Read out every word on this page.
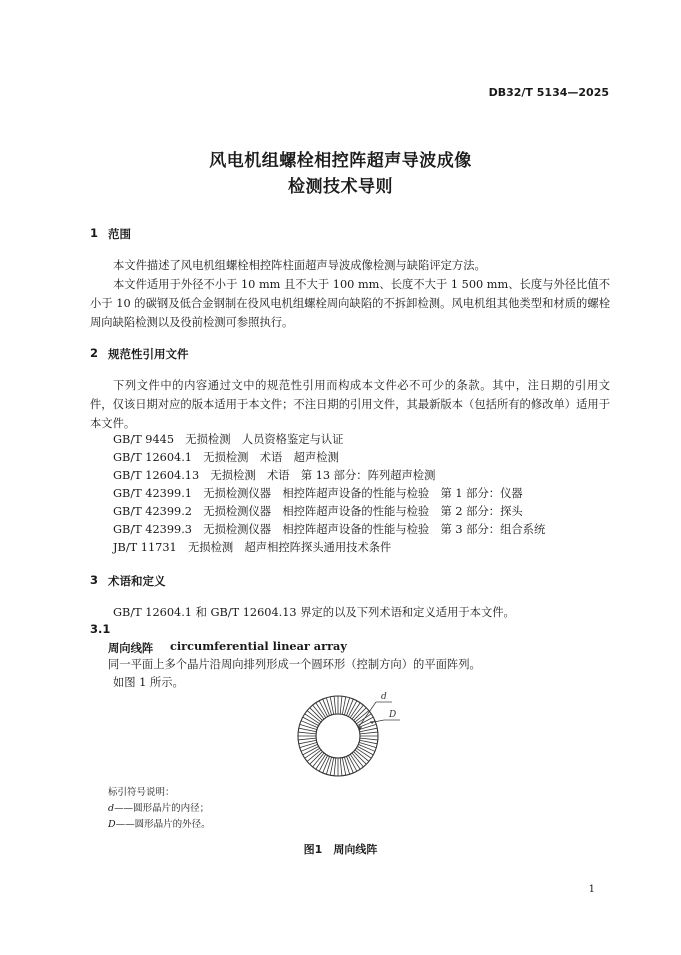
DB32/T 5134—2025
风电机组螺栓相控阵超声导波成像
检测技术导则
1 范围
本文件描述了风电机组螺栓相控阵柱面超声导波成像检测与缺陷评定方法。
本文件适用于外径不小于 10 mm 且不大于 100 mm、长度不大于 1 500 mm、长度与外径比值不小于 10 的碳钢及低合金钢制在役风电机组螺栓周向缺陷的不拆卸检测。风电机组其他类型和材质的螺栓周向缺陷检测以及役前检测可参照执行。
2 规范性引用文件
下列文件中的内容通过文中的规范性引用而构成本文件必不可少的条款。其中，注日期的引用文件，仅该日期对应的版本适用于本文件；不注日期的引用文件，其最新版本（包括所有的修改单）适用于本文件。
GB/T 9445　无损检测　人员资格鉴定与认证
GB/T 12604.1　无损检测　术语　超声检测
GB/T 12604.13　无损检测　术语　第 13 部分：阵列超声检测
GB/T 42399.1　无损检测仪器　相控阵超声设备的性能与检验　第 1 部分：仪器
GB/T 42399.2　无损检测仪器　相控阵超声设备的性能与检验　第 2 部分：探头
GB/T 42399.3　无损检测仪器　相控阵超声设备的性能与检验　第 3 部分：组合系统
JB/T 11731　无损检测　超声相控阵探头通用技术条件
3 术语和定义
GB/T 12604.1 和 GB/T 12604.13 界定的以及下列术语和定义适用于本文件。
3.1
周向线阵 circumferential linear array
同一平面上多个晶片沿周向排列形成一个圆环形（控制方向）的平面阵列。
如图 1 所示。
d
D
标引符号说明：
d——圆形晶片的内径；
D——圆形晶片的外径。
图1　周向线阵
1
